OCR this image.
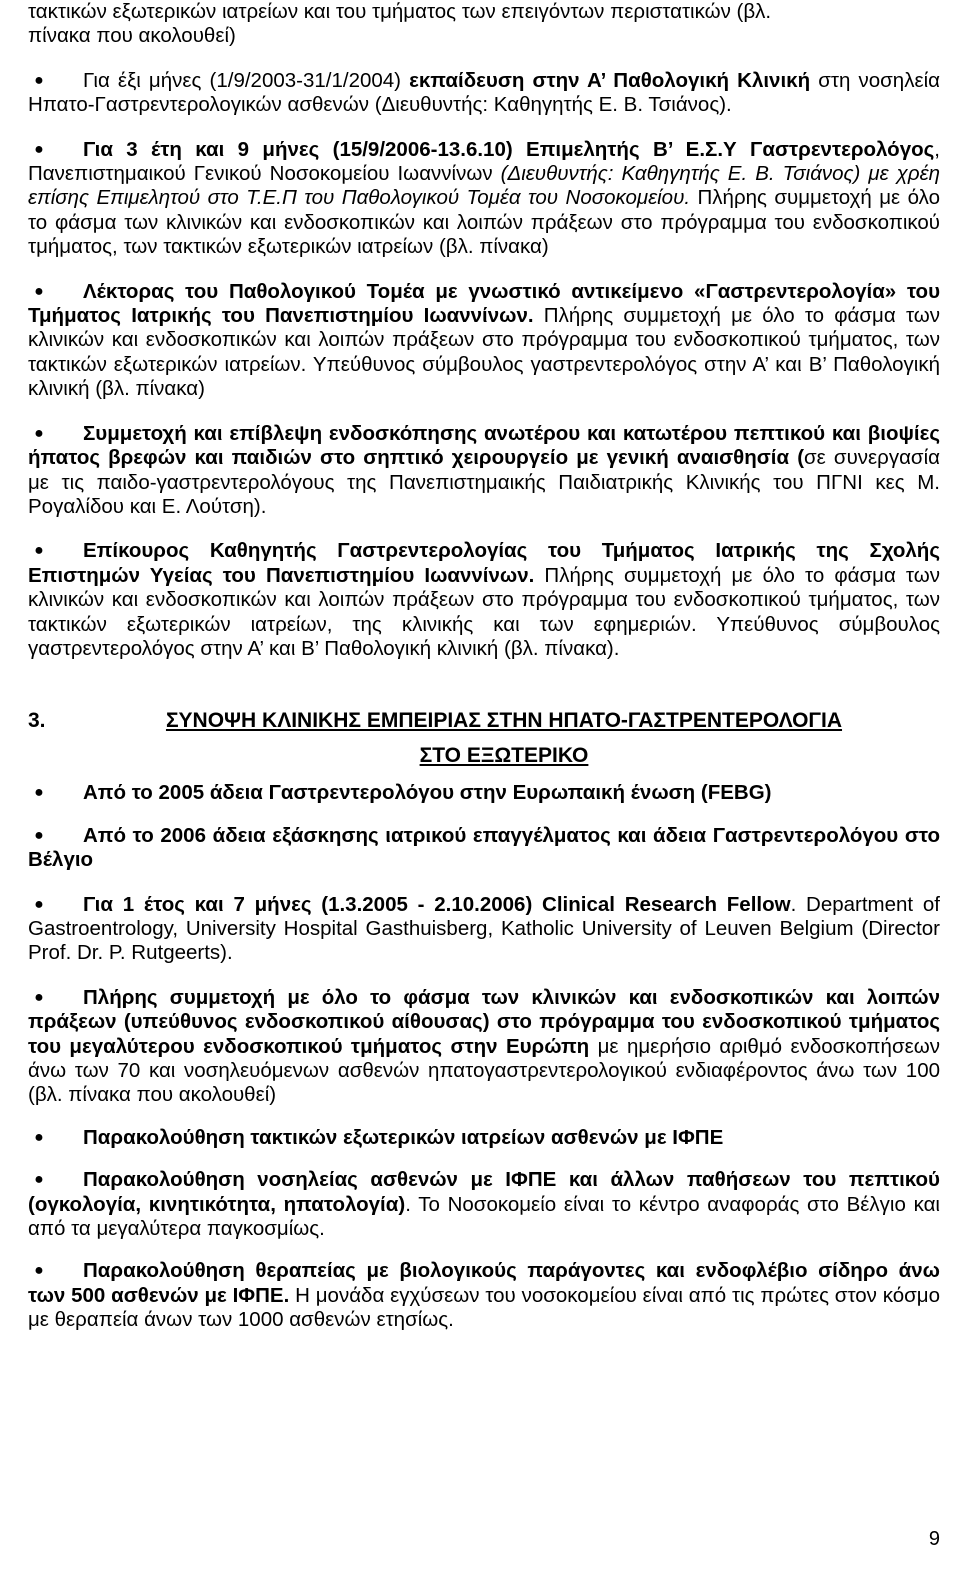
τακτικών εξωτερικών ιατρείων και του τμήματος των επειγόντων περιστατικών (βλ.

πίνακα που ακολουθεί)

●	Για έξι μήνες (1/9/2003-31/1/2004) εκπαίδευση στην Α’ Παθολογική Κλινική στη νοσηλεία Ηπατο-Γαστρεντερολογικών ασθενών (Διευθυντής: Καθηγητής Ε. Β. Τσιάνος).

●	Για 3 έτη και 9 μήνες (15/9/2006-13.6.10) Επιμελητής Β’ Ε.Σ.Υ Γαστρεντερολόγος, Πανεπιστημαικού Γενικού Νοσοκομείου Ιωαννίνων (Διευθυντής: Καθηγητής Ε. Β. Τσιάνος) με χρέη επίσης Επιμελητού στο Τ.Ε.Π του Παθολογικού Τομέα του Νοσοκομείου. Πλήρης συμμετοχή με όλο το φάσμα των κλινικών και ενδοσκοπικών και λοιπών πράξεων στο πρόγραμμα του ενδοσκοπικού τμήματος, των τακτικών εξωτερικών ιατρείων (βλ. πίνακα)

●	Λέκτορας του Παθολογικού Τομέα με γνωστικό αντικείμενο «Γαστρεντερολογία» του Τμήματος Ιατρικής του Πανεπιστημίου Ιωαννίνων. Πλήρης συμμετοχή με όλο το φάσμα των κλινικών και ενδοσκοπικών και λοιπών πράξεων στο πρόγραμμα του ενδοσκοπικού τμήματος, των τακτικών εξωτερικών ιατρείων. Υπεύθυνος σύμβουλος γαστρεντερολόγος στην Α’ και Β’ Παθολογική κλινική (βλ. πίνακα)

●	Συμμετοχή και επίβλεψη ενδοσκόπησης ανωτέρου και κατωτέρου πεπτικού και βιοψίες ήπατος βρεφών και παιδιών στο σηπτικό χειρουργείο με γενική αναισθησία (σε συνεργασία με τις παιδο-γαστρεντερολόγους της Πανεπιστημαικής Παιδιατρικής Κλινικής του ΠΓΝΙ κες Μ. Ρογαλίδου και Ε. Λούτση).

●	Επίκουρος Καθηγητής Γαστρεντερολογίας του Τμήματος Ιατρικής της Σχολής Επιστημών Υγείας του Πανεπιστημίου Ιωαννίνων. Πλήρης συμμετοχή με όλο το φάσμα των κλινικών και ενδοσκοπικών και λοιπών πράξεων στο πρόγραμμα του ενδοσκοπικού τμήματος, των τακτικών εξωτερικών ιατρείων, της κλινικής και των εφημεριών. Υπεύθυνος σύμβουλος γαστρεντερολόγος στην Α’ και Β’ Παθολογική κλινική (βλ. πίνακα).

3.	ΣΥΝΟΨΗ ΚΛΙΝΙΚΗΣ ΕΜΠΕΙΡΙΑΣ ΣΤΗΝ ΗΠΑΤΟ-ΓΑΣΤΡΕΝΤΕΡΟΛΟΓΙΑ
ΣΤΟ ΕΞΩΤΕΡΙΚΟ
●	Από το 2005 άδεια Γαστρεντερολόγου στην Ευρωπαική ένωση (FEBG)

●	Από το 2006 άδεια εξάσκησης ιατρικού επαγγέλματος και άδεια Γαστρεντερολόγου στο Βέλγιο

●	Για 1 έτος και 7 μήνες (1.3.2005 - 2.10.2006) Clinical Research Fellow. Department of Gastroentrology, University Hospital Gasthuisberg, Katholic University of Leuven Belgium (Director Prof. Dr. P. Rutgeerts).

●	Πλήρης συμμετοχή με όλο το φάσμα των κλινικών και ενδοσκοπικών και λοιπών πράξεων (υπεύθυνος ενδοσκοπικού αίθουσας) στο πρόγραμμα του ενδοσκοπικού τμήματος του μεγαλύτερου ενδοσκοπικού τμήματος στην Ευρώπη με ημερήσιο αριθμό ενδοσκοπήσεων άνω των 70 και νοσηλευόμενων ασθενών ηπατογαστρεντερολογικού ενδιαφέροντος άνω των 100 (βλ. πίνακα που ακολουθεί)

●	Παρακολούθηση τακτικών εξωτερικών ιατρείων ασθενών με ΙΦΠΕ

●	Παρακολούθηση νοσηλείας ασθενών με ΙΦΠΕ και άλλων παθήσεων του πεπτικού (ογκολογία, κινητικότητα, ηπατολογία). Το Νοσοκομείο είναι το κέντρο αναφοράς στο Βέλγιο και από τα μεγαλύτερα παγκοσμίως.

●	Παρακολούθηση θεραπείας με βιολογικούς παράγοντες και ενδοφλέβιο σίδηρο άνω των 500 ασθενών με ΙΦΠΕ. Η μονάδα εγχύσεων του νοσοκομείου είναι από τις πρώτες στον κόσμο με θεραπεία άνων των 1000 ασθενών ετησίως.

9
